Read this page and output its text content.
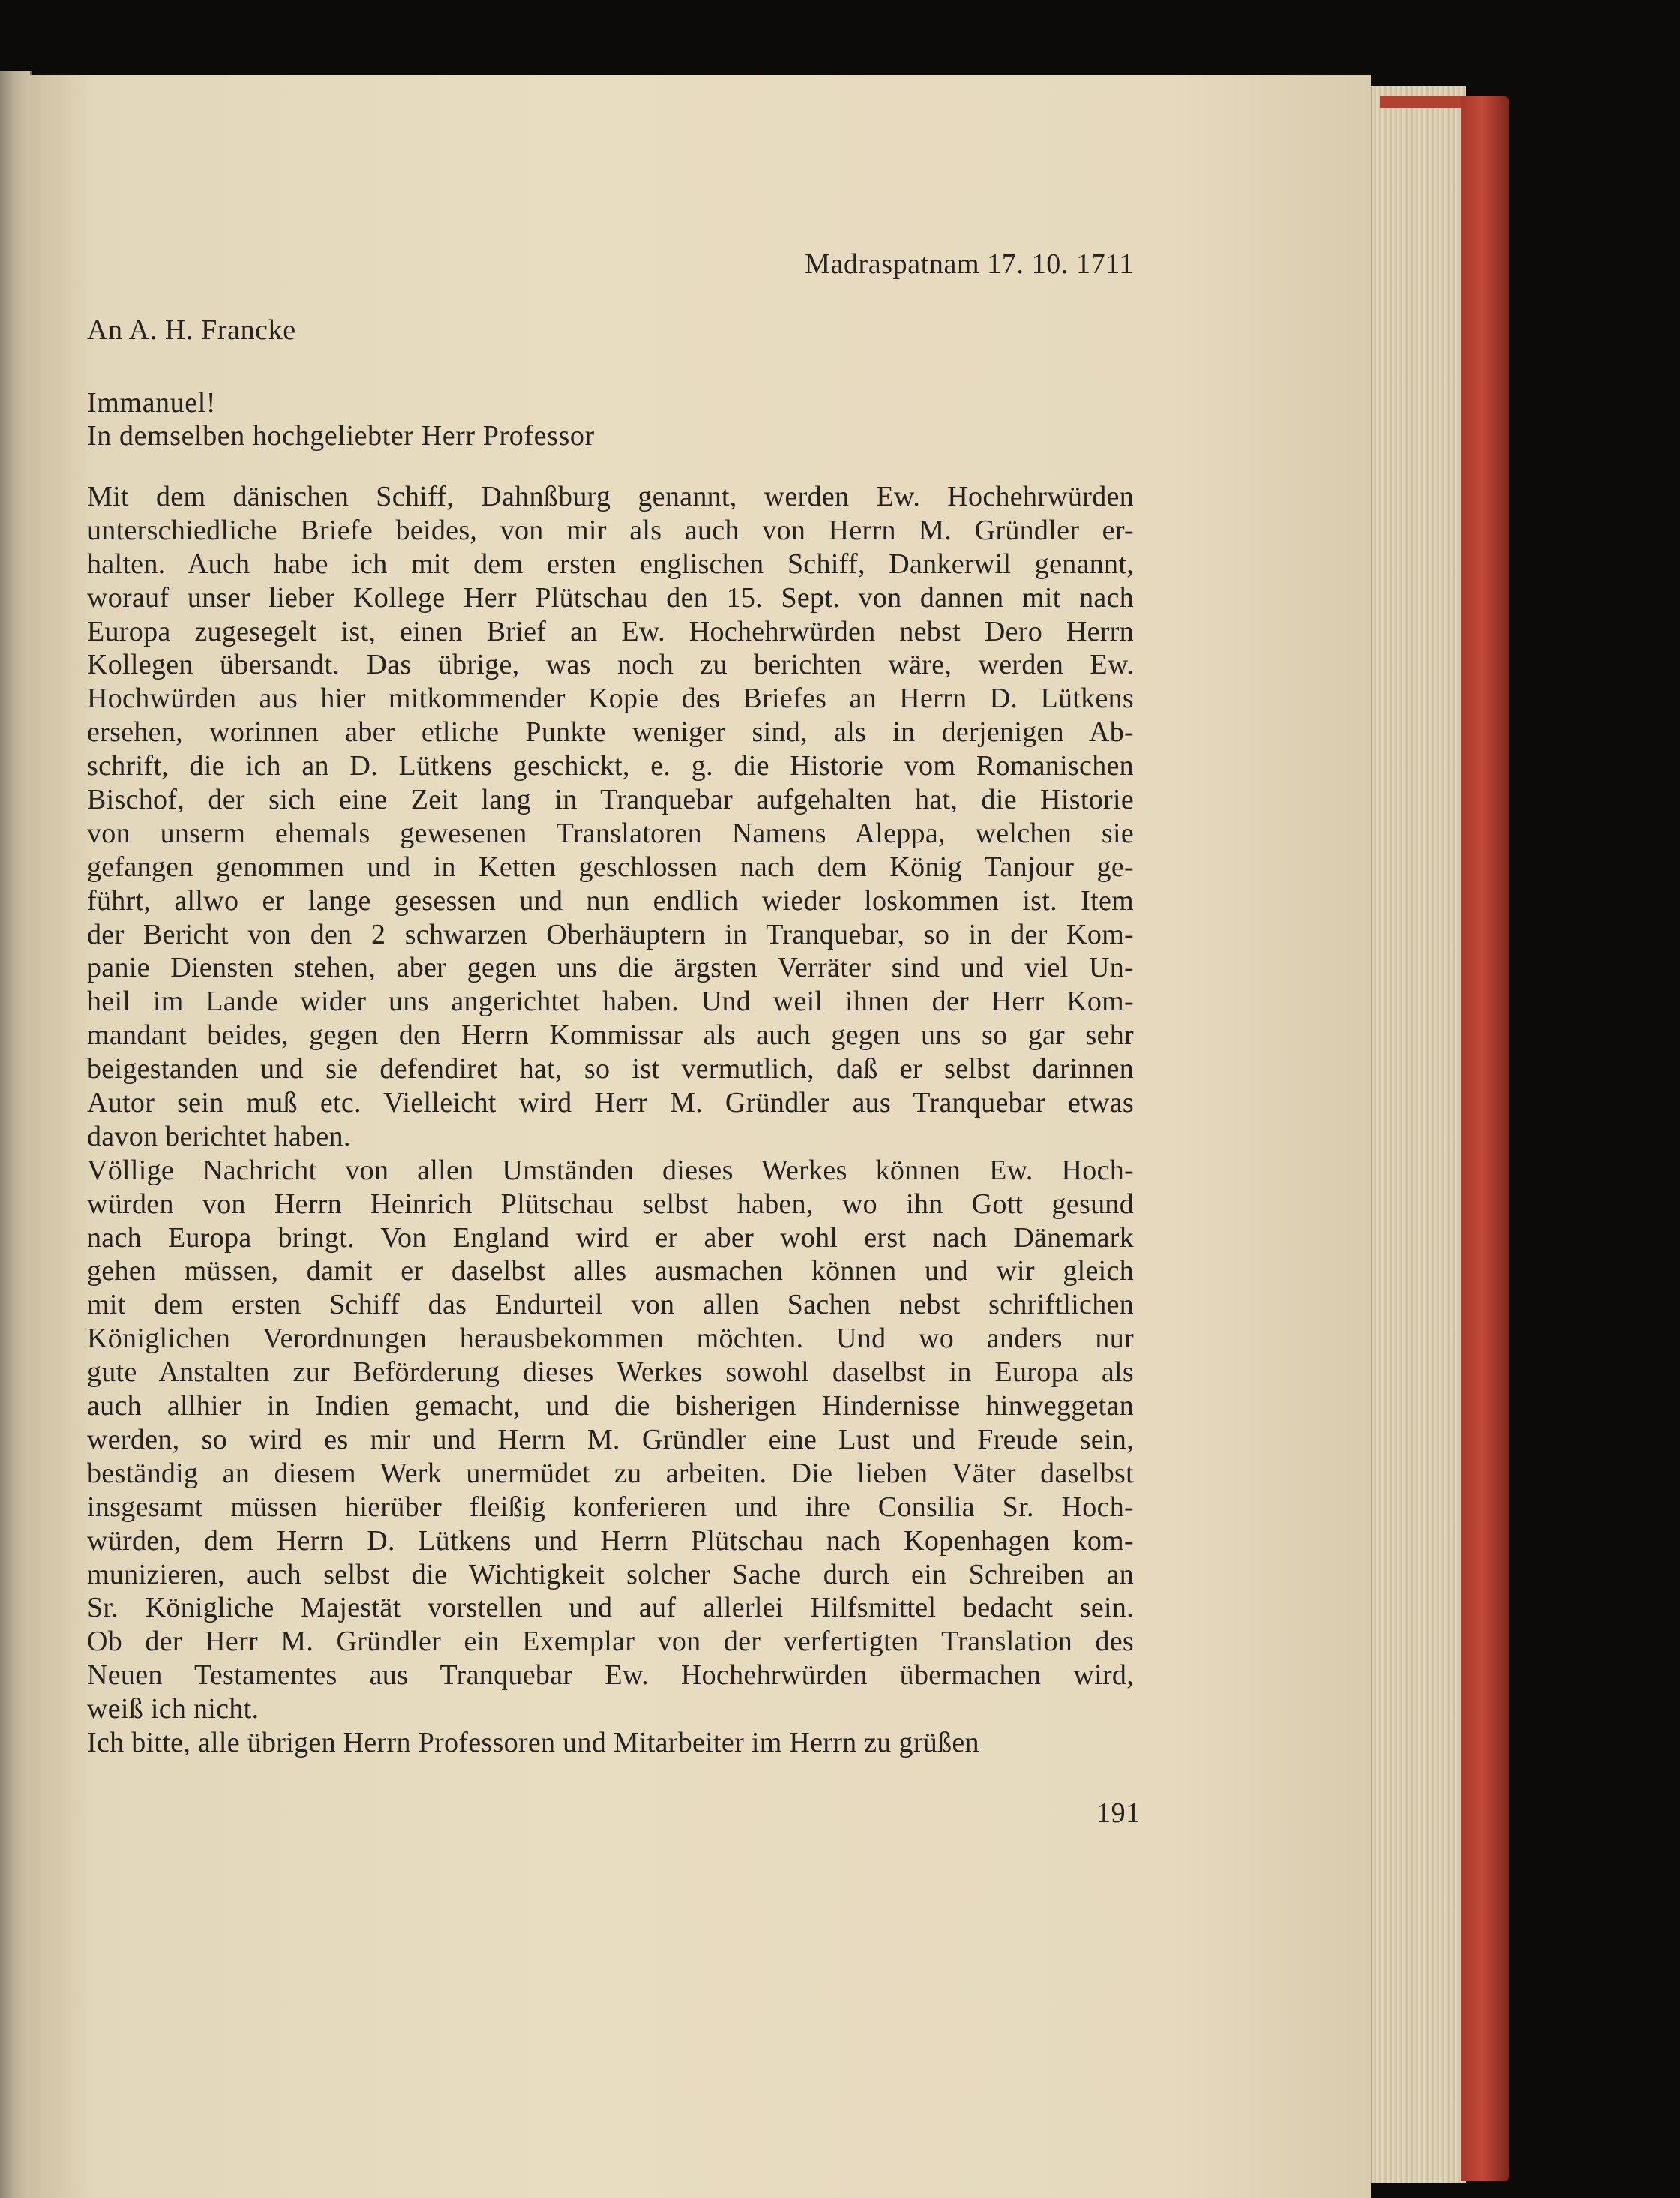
Madraspatnam 17. 10. 1711
An A. H. Francke
Immanuel!
In demselben hochgeliebter Herr Professor
Mit dem dänischen Schiff, Dahnßburg genannt, werden Ew. Hochehrwürden
unterschiedliche Briefe beides, von mir als auch von Herrn M. Gründler er-
halten. Auch habe ich mit dem ersten englischen Schiff, Dankerwil genannt,
worauf unser lieber Kollege Herr Plütschau den 15. Sept. von dannen mit nach
Europa zugesegelt ist, einen Brief an Ew. Hochehrwürden nebst Dero Herrn
Kollegen übersandt. Das übrige, was noch zu berichten wäre, werden Ew.
Hochwürden aus hier mitkommender Kopie des Briefes an Herrn D. Lütkens
ersehen, worinnen aber etliche Punkte weniger sind, als in derjenigen Ab-
schrift, die ich an D. Lütkens geschickt, e. g. die Historie vom Romanischen
Bischof, der sich eine Zeit lang in Tranquebar aufgehalten hat, die Historie
von unserm ehemals gewesenen Translatoren Namens Aleppa, welchen sie
gefangen genommen und in Ketten geschlossen nach dem König Tanjour ge-
führt, allwo er lange gesessen und nun endlich wieder loskommen ist. Item
der Bericht von den 2 schwarzen Oberhäuptern in Tranquebar, so in der Kom-
panie Diensten stehen, aber gegen uns die ärgsten Verräter sind und viel Un-
heil im Lande wider uns angerichtet haben. Und weil ihnen der Herr Kom-
mandant beides, gegen den Herrn Kommissar als auch gegen uns so gar sehr
beigestanden und sie defendiret hat, so ist vermutlich, daß er selbst darinnen
Autor sein muß etc. Vielleicht wird Herr M. Gründler aus Tranquebar etwas
davon berichtet haben.
Völlige Nachricht von allen Umständen dieses Werkes können Ew. Hoch-
würden von Herrn Heinrich Plütschau selbst haben, wo ihn Gott gesund
nach Europa bringt. Von England wird er aber wohl erst nach Dänemark
gehen müssen, damit er daselbst alles ausmachen können und wir gleich
mit dem ersten Schiff das Endurteil von allen Sachen nebst schriftlichen
Königlichen Verordnungen herausbekommen möchten. Und wo anders nur
gute Anstalten zur Beförderung dieses Werkes sowohl daselbst in Europa als
auch allhier in Indien gemacht, und die bisherigen Hindernisse hinweggetan
werden, so wird es mir und Herrn M. Gründler eine Lust und Freude sein,
beständig an diesem Werk unermüdet zu arbeiten. Die lieben Väter daselbst
insgesamt müssen hierüber fleißig konferieren und ihre Consilia Sr. Hoch-
würden, dem Herrn D. Lütkens und Herrn Plütschau nach Kopenhagen kom-
munizieren, auch selbst die Wichtigkeit solcher Sache durch ein Schreiben an
Sr. Königliche Majestät vorstellen und auf allerlei Hilfsmittel bedacht sein.
Ob der Herr M. Gründler ein Exemplar von der verfertigten Translation des
Neuen Testamentes aus Tranquebar Ew. Hochehrwürden übermachen wird,
weiß ich nicht.
Ich bitte, alle übrigen Herrn Professoren und Mitarbeiter im Herrn zu grüßen
191
